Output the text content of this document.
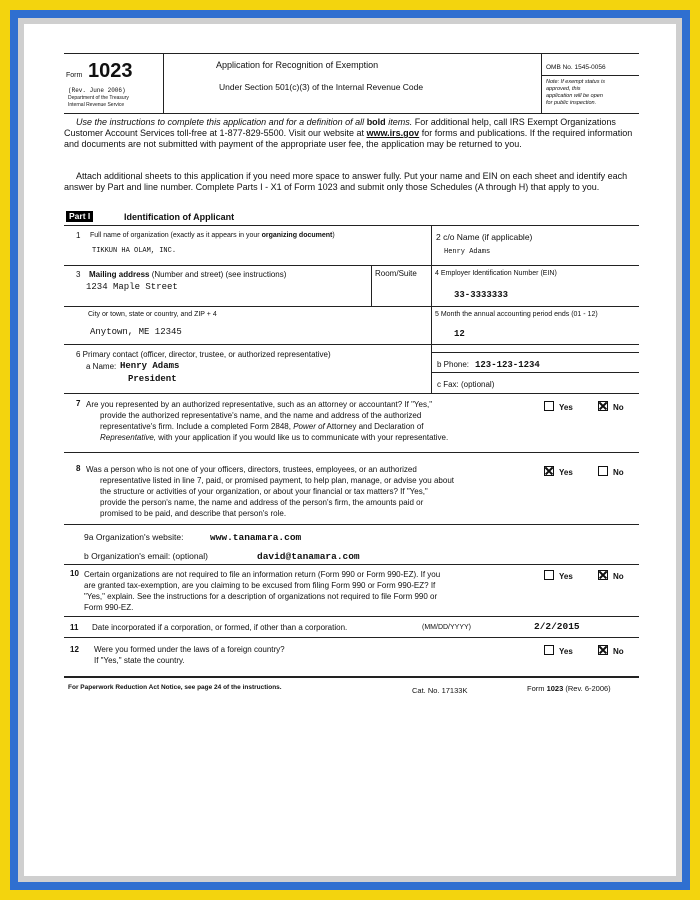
Form 1023
(Rev. June 2006)
Department of the Treasury
Internal Revenue Service
Application for Recognition of Exemption
Under Section 501(c)(3) of the Internal Revenue Code
OMB No. 1545-0056
Note: If exempt status is
approved, this
application will be open
for public inspection.
Use the instructions to complete this application and for a definition of all bold items. For additional help, call IRS Exempt Organizations Customer Account Services toll-free at 1-877-829-5500. Visit our website at www.irs.gov for forms and publications. If the required information and documents are not submitted with payment of the appropriate user fee, the application may be returned to you.
Attach additional sheets to this application if you need more space to answer fully. Put your name and EIN on each sheet and identify each answer by Part and line number. Complete Parts I - X1 of Form 1023 and submit only those Schedules (A through H) that apply to you.
Part I	Identification of Applicant
1 Full name of organization (exactly as it appears in your organizing document)
TIKKUN HA OLAM, INC.
2 c/o Name (if applicable)
Henry Adams
3 Mailing address (Number and street) (see instructions)
1234 Maple Street
Room/Suite	4 Employer Identification Number (EIN)
33-3333333
City or town, state or country, and ZIP + 4
Anytown, ME 12345
5 Month the annual accounting period ends (01 - 12)
12
6 Primary contact (officer, director, trustee, or authorized representative)
a Name: Henry Adams
President
b Phone: 123-123-1234
c Fax: (optional)
7 Are you represented by an authorized representative, such as an attorney or accountant? If "Yes,"
provide the authorized representative's name, and the name and address of the authorized
representative's firm. Include a completed Form 2848, Power of Attorney and Declaration of
Representative, with your application if you would like us to communicate with your representative.
Yes	No
8 Was a person who is not one of your officers, directors, trustees, employees, or an authorized
representative listed in line 7, paid, or promised payment, to help plan, manage, or advise you about
the structure or activities of your organization, or about your financial or tax matters? If "Yes,"
provide the person's name, the name and address of the person's firm, the amounts paid or
promised to be paid, and describe that person's role.
Yes	No
9a Organization's website:	www.tanamara.com
b Organization's email: (optional)	david@tanamara.com
10 Certain organizations are not required to file an information return (Form 990 or Form 990-EZ). If you
are granted tax-exemption, are you claiming to be excused from filing Form 990 or Form 990-EZ? If
"Yes," explain. See the instructions for a description of organizations not required to file Form 990 or
Form 990-EZ.
Yes	No
11 Date incorporated if a corporation, or formed, if other than a corporation.	(MM/DD/YYYY)	2/2/2015
12 Were you formed under the laws of a foreign country?
If "Yes," state the country.
Yes	No
For Paperwork Reduction Act Notice, see page 24 of the instructions.	Cat. No. 17133K	Form 1023 (Rev. 6-2006)
